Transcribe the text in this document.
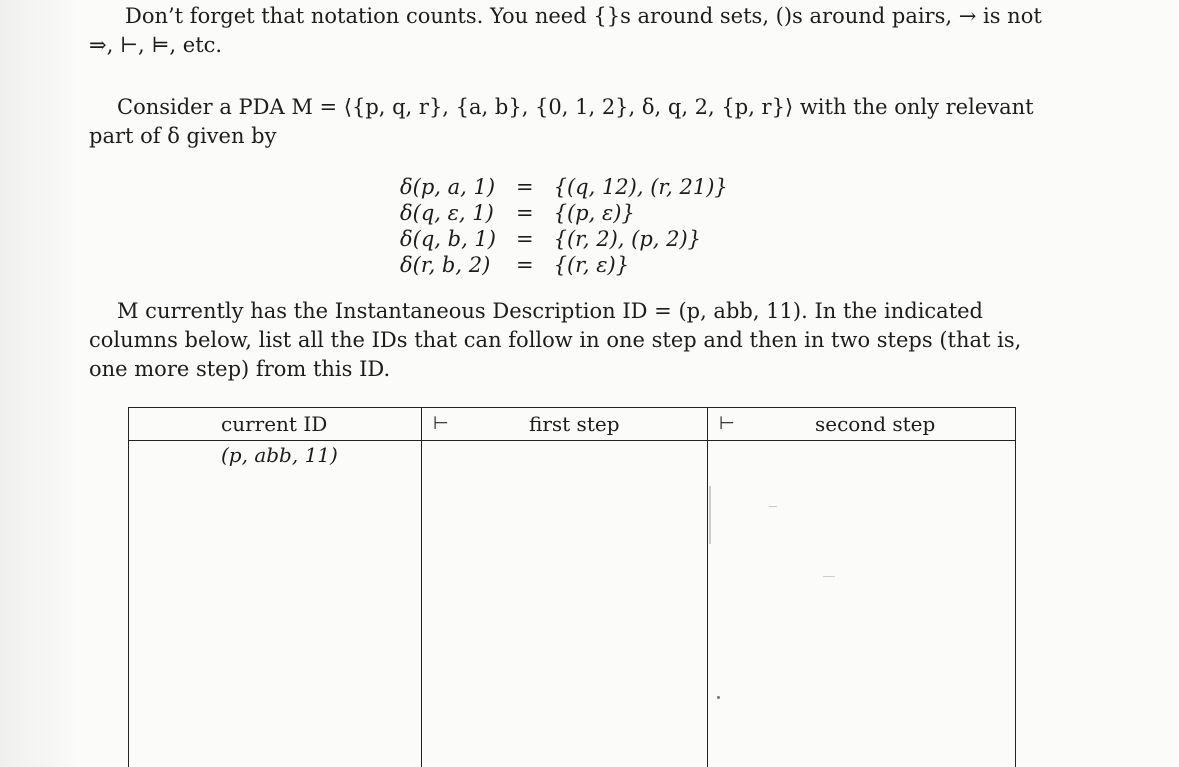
Don’t forget that notation counts. You need {}s around sets, ()s around pairs, → is not ⇒, ⊢, ⊨, etc.

Consider a PDA M = ⟨{p, q, r}, {a, b}, {0, 1, 2}, δ, q, 2, {p, r}⟩ with the only relevant part of δ given by

δ(p, a, 1)	=	{(q, 12), (r, 21)}
δ(q, ε, 1)	=	{(p, ε)}
δ(q, b, 1)	=	{(r, 2), (p, 2)}
δ(r, b, 2)	=	{(r, ε)}

M currently has the Instantaneous Description ID = (p, abb, 11). In the indicated columns below, list all the IDs that can follow in one step and then in two steps (that is, one more step) from this ID.

current ID	⊢	first step	⊢	second step
(p, abb, 11)
